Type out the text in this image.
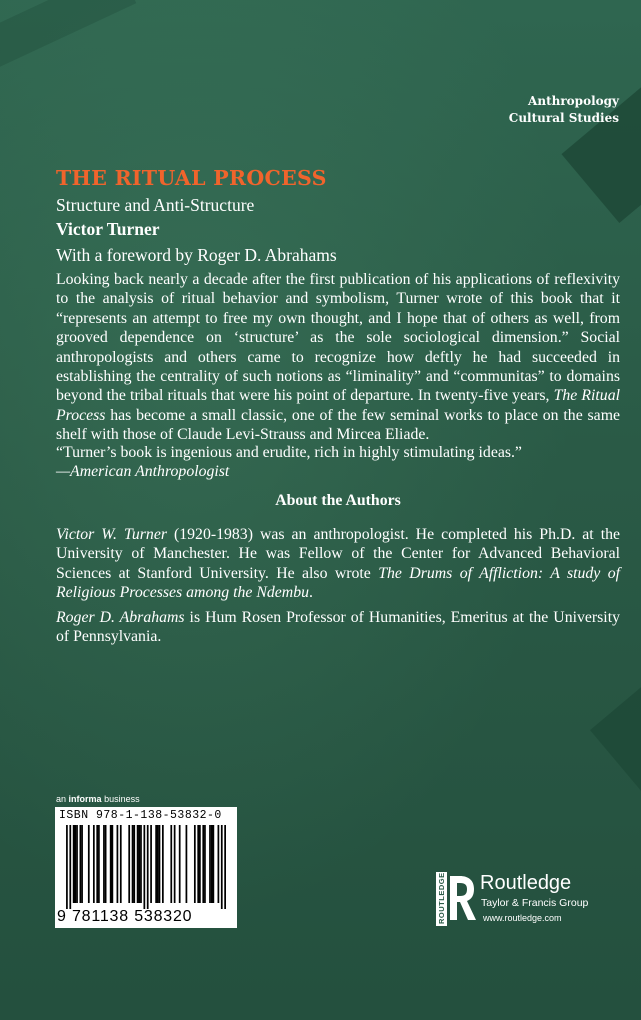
Anthropology
Cultural Studies
THE RITUAL PROCESS
Structure and Anti-Structure
Victor Turner
With a foreword by Roger D. Abrahams

Looking back nearly a decade after the first publication of his applications of reflexivity to the analysis of ritual behavior and symbolism, Turner wrote of this book that it “represents an attempt to free my own thought, and I hope that of others as well, from grooved dependence on ‘structure’ as the sole sociological dimension.” Social anthropologists and others came to recognize how deftly he had succeeded in establishing the centrality of such notions as “liminality” and “communitas” to domains beyond the tribal rituals that were his point of departure. In twenty-five years, The Ritual Process has become a small classic, one of the few seminal works to place on the same shelf with those of Claude Levi-Strauss and Mircea Eliade.

“Turner’s book is ingenious and erudite, rich in highly stimulating ideas.”
—American Anthropologist

About the Authors

Victor W. Turner (1920-1983) was an anthropologist. He completed his Ph.D. at the University of Manchester. He was Fellow of the Center for Advanced Behavioral Sciences at Stanford University. He also wrote The Drums of Affliction: A study of Religious Processes among the Ndembu.

Roger D. Abrahams is Hum Rosen Professor of Humanities, Emeritus at the University of Pennsylvania.

an informa business
ISBN 978-1-138-53832-0
9 781138 538320	ROUTLEDGE Routledge
Taylor & Francis Group
www.routledge.com
